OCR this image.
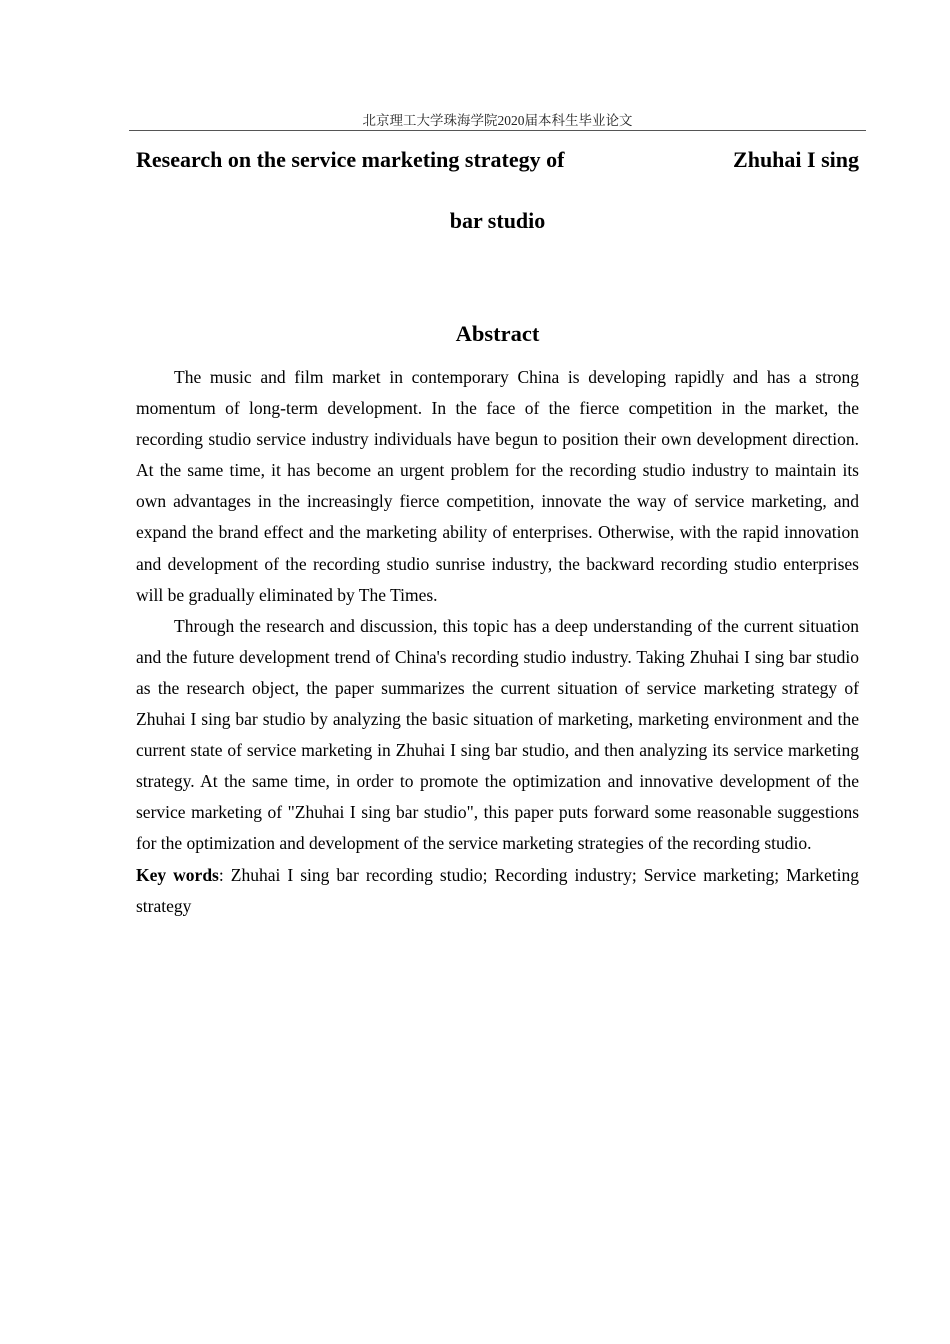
北京理工大学珠海学院2020届本科生毕业论文
Research on the service marketing strategy of	Zhuhai I sing
bar studio
Abstract

The music and film market in contemporary China is developing rapidly and has a strong momentum of long-term development. In the face of the fierce competition in the market, the recording studio service industry individuals have begun to position their own development direction. At the same time, it has become an urgent problem for the recording studio industry to maintain its own advantages in the increasingly fierce competition, innovate the way of service marketing, and expand the brand effect and the marketing ability of enterprises. Otherwise, with the rapid innovation and development of the recording studio sunrise industry, the backward recording studio enterprises will be gradually eliminated by The Times.

Through the research and discussion, this topic has a deep understanding of the current situation and the future development trend of China's recording studio industry. Taking Zhuhai I sing bar studio as the research object, the paper summarizes the current situation of service marketing strategy of Zhuhai I sing bar studio by analyzing the basic situation of marketing, marketing environment and the current state of service marketing in Zhuhai I sing bar studio, and then analyzing its service marketing strategy. At the same time, in order to promote the optimization and innovative development of the service marketing of "Zhuhai I sing bar studio", this paper puts forward some reasonable suggestions for the optimization and development of the service marketing strategies of the recording studio.

Key words: Zhuhai I sing bar recording studio; Recording industry; Service marketing; Marketing strategy
